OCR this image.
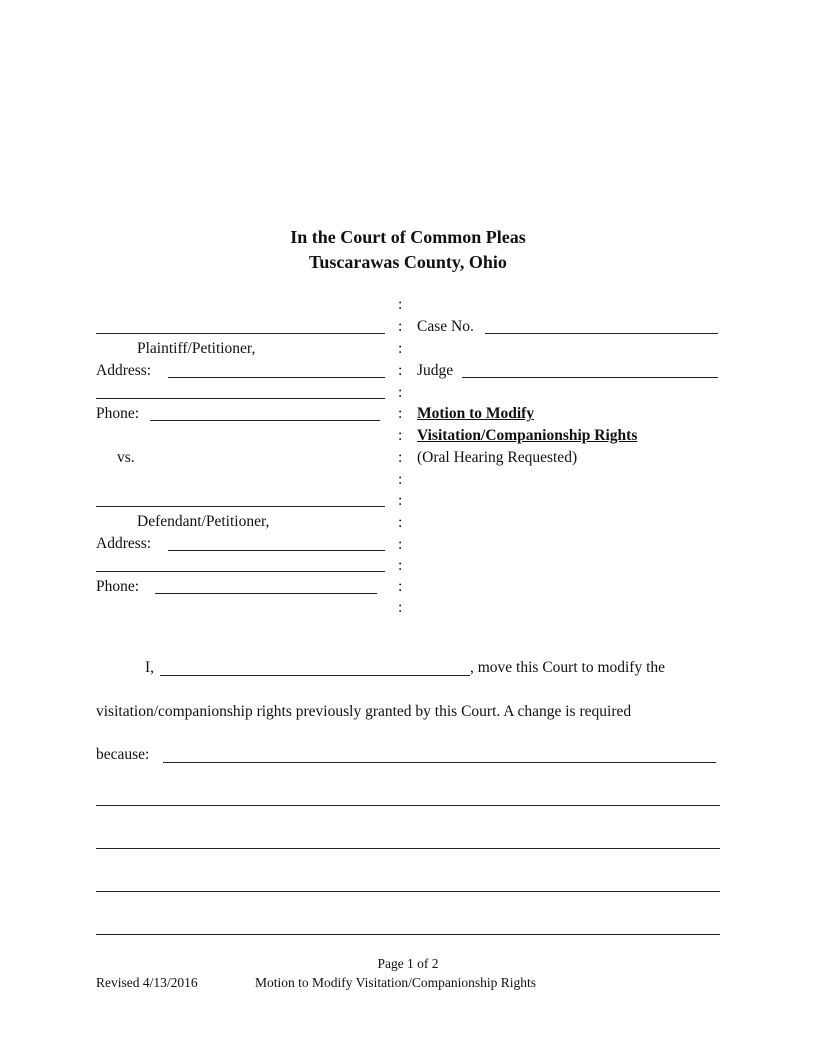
In the Court of Common Pleas
Tuscarawas County, Ohio
:
:
:
:
:
:
:
:
:
:
:
:
:
:
:
Plaintiff/Petitioner,
Address:
Phone:
vs.
Defendant/Petitioner,
Address:
Phone:
Case No.
Judge
Motion to Modify
Visitation/Companionship Rights
(Oral Hearing Requested)
I,	, move this Court to modify the
visitation/companionship rights previously granted by this Court. A change is required
because:
Page 1 of 2
Revised 4/13/2016	Motion to Modify Visitation/Companionship Rights
